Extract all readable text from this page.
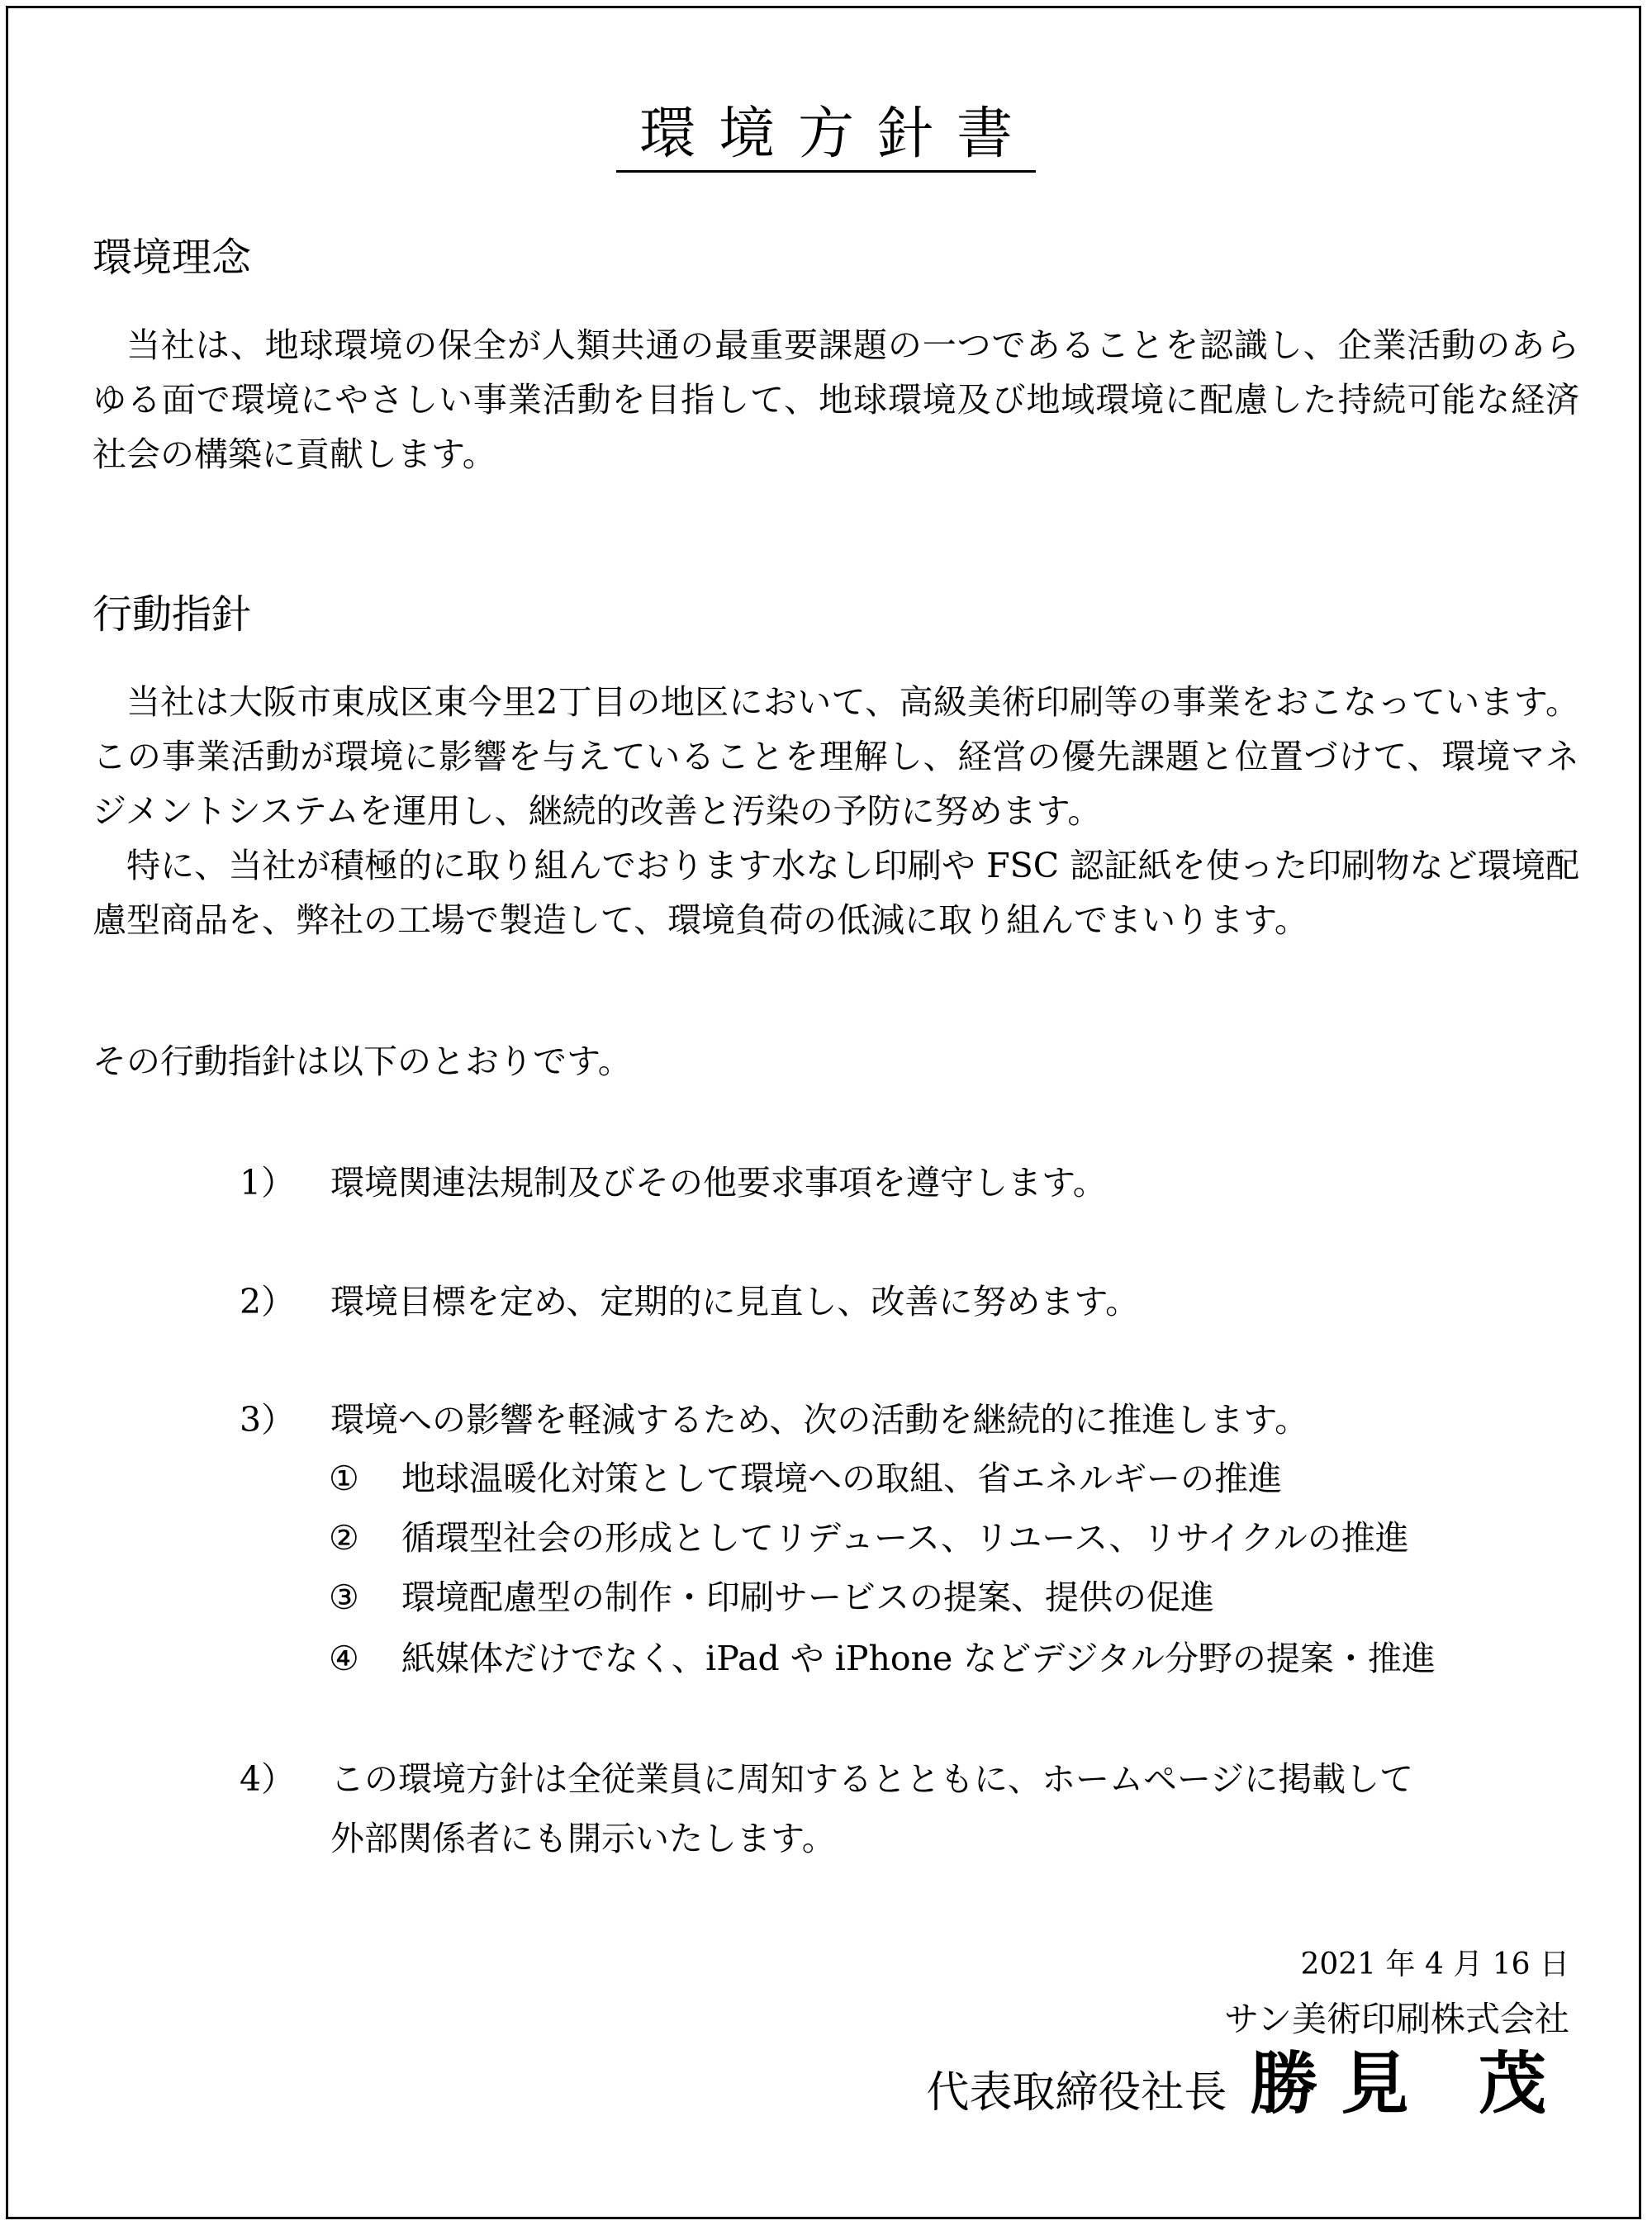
環境方針書
環境理念

当社は、地球環境の保全が人類共通の最重要課題の一つであることを認識し、企業活動のあらゆる面で環境にやさしい事業活動を目指して、地球環境及び地域環境に配慮した持続可能な経済社会の構築に貢献します。

行動指針

当社は大阪市東成区東今里2丁目の地区において、高級美術印刷等の事業をおこなっています。この事業活動が環境に影響を与えていることを理解し、経営の優先課題と位置づけて、環境マネジメントシステムを運用し、継続的改善と汚染の予防に努めます。

特に、当社が積極的に取り組んでおります水なし印刷や FSC 認証紙を使った印刷物など環境配慮型商品を、弊社の工場で製造して、環境負荷の低減に取り組んでまいります。

その行動指針は以下のとおりです。
1）	環境関連法規制及びその他要求事項を遵守します。
2）	環境目標を定め、定期的に見直し、改善に努めます。
3）	環境への影響を軽減するため、次の活動を継続的に推進します。
① 地球温暖化対策として環境への取組、省エネルギーの推進
② 循環型社会の形成としてリデュース、リユース、リサイクルの推進
③ 環境配慮型の制作・印刷サービスの提案、提供の促進
④ 紙媒体だけでなく、iPad や iPhone などデジタル分野の提案・推進
4）	この環境方針は全従業員に周知するとともに、ホームページに掲載して
外部関係者にも開示いたします。
2021 年 4 月 16 日
サン美術印刷株式会社
代表取締役社長 勝見 茂
